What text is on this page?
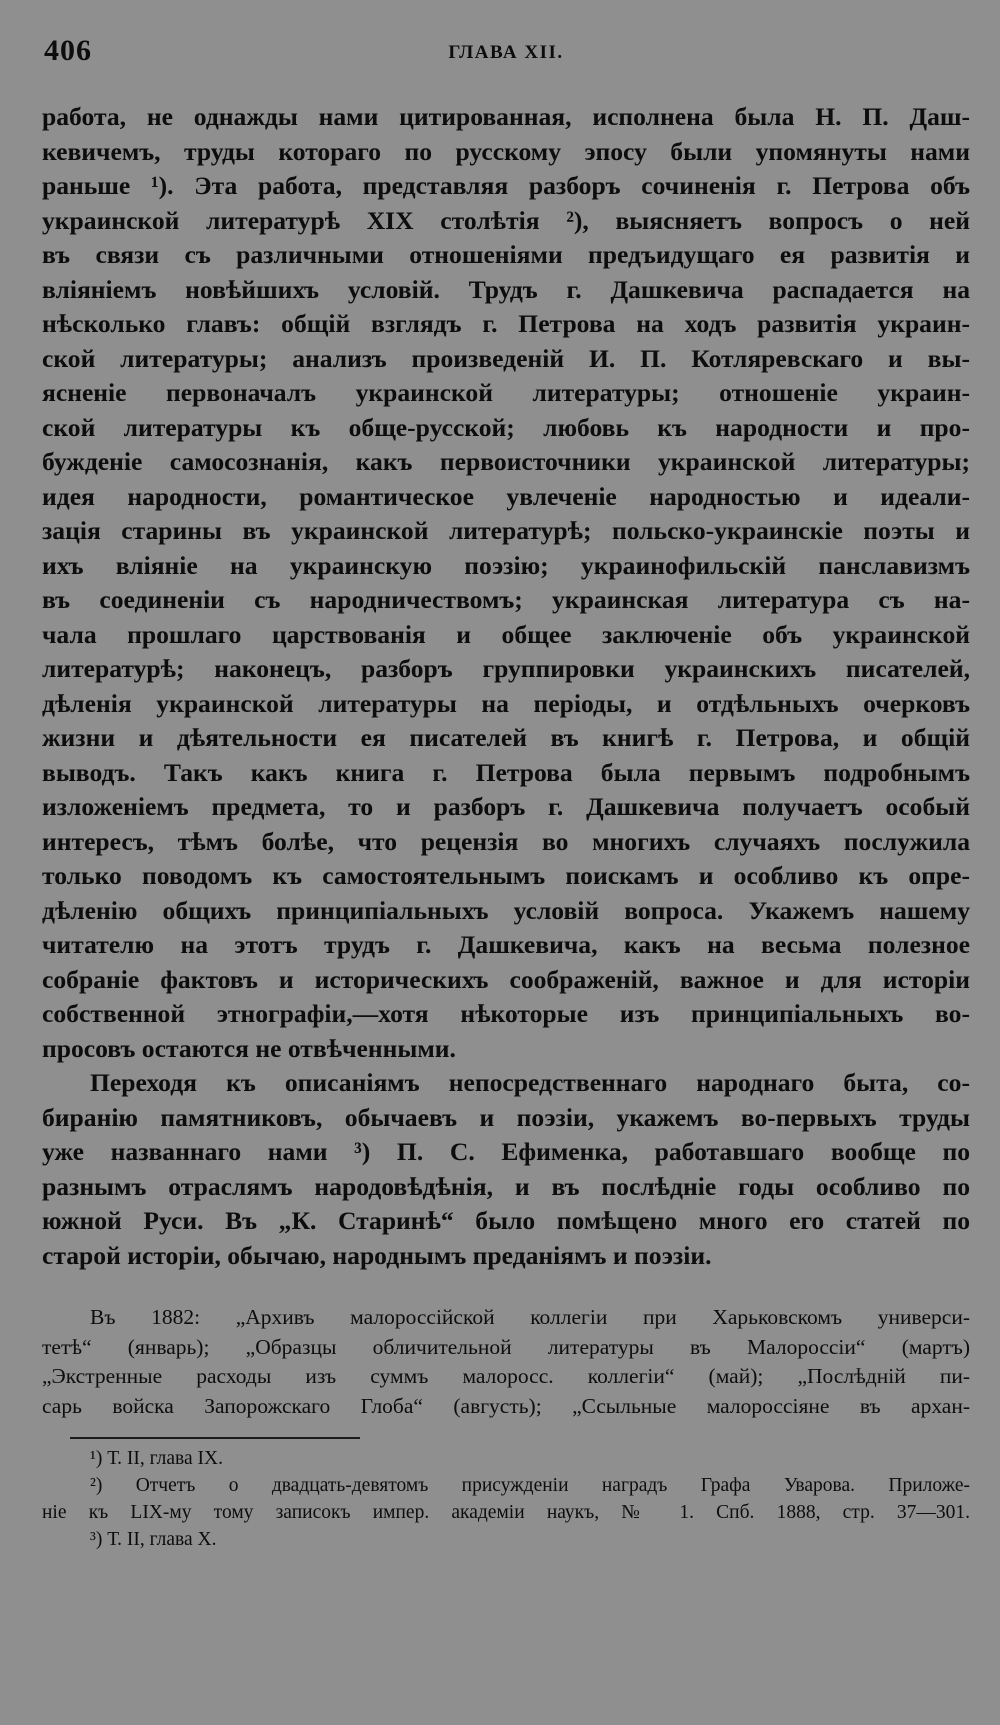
406	ГЛАВА XII.
работа, не однажды нами цитированная, исполнена была Н. П. Даш-
кевичемъ, труды котораго по русскому эпосу были упомянуты нами
раньше ¹). Эта работа, представляя разборъ сочиненія г. Петрова объ
украинской литературѣ XIX столѣтія ²), выясняетъ вопросъ о ней
въ связи съ различными отношеніями предъидущаго ея развитія и
вліяніемъ новѣйшихъ условій. Трудъ г. Дашкевича распадается на
нѣсколько главъ: общій взглядъ г. Петрова на ходъ развитія украин-
ской литературы; анализъ произведеній И. П. Котляревскаго и вы-
ясненіе первоначалъ украинской литературы; отношеніе украин-
ской литературы къ обще-русской; любовь къ народности и про-
бужденіе самосознанія, какъ первоисточники украинской литературы;
идея народности, романтическое увлеченіе народностью и идеали-
зація старины въ украинской литературѣ; польско-украинскіе поэты и
ихъ вліяніе на украинскую поэзію; украинофильскій панславизмъ
въ соединеніи съ народничествомъ; украинская литература съ на-
чала прошлаго царствованія и общее заключеніе объ украинской
литературѣ; наконецъ, разборъ группировки украинскихъ писателей,
дѣленія украинской литературы на періоды, и отдѣльныхъ очерковъ
жизни и дѣятельности ея писателей въ книгѣ г. Петрова, и общій
выводъ. Такъ какъ книга г. Петрова была первымъ подробнымъ
изложеніемъ предмета, то и разборъ г. Дашкевича получаетъ особый
интересъ, тѣмъ болѣе, что рецензія во многихъ случаяхъ послужила
только поводомъ къ самостоятельнымъ поискамъ и особливо къ опре-
дѣленію общихъ принципіальныхъ условій вопроса. Укажемъ нашему
читателю на этотъ трудъ г. Дашкевича, какъ на весьма полезное
собраніе фактовъ и историческихъ соображеній, важное и для исторіи
собственной этнографіи,—хотя нѣкоторые изъ принципіальныхъ во-
просовъ остаются не отвѣченными.
Переходя къ описаніямъ непосредственнаго народнаго быта, со-
биранію памятниковъ, обычаевъ и поэзіи, укажемъ во-первыхъ труды
уже названнаго нами ³) П. С. Ефименка, работавшаго вообще по
разнымъ отраслямъ народовѣдѣнія, и въ послѣдніе годы особливо по
южной Руси. Въ „К. Старинѣ“ было помѣщено много его статей по
старой исторіи, обычаю, народнымъ преданіямъ и поэзіи.
Въ 1882: „Архивъ малороссійской коллегіи при Харьковскомъ универси-
тетѣ“ (январь); „Образцы обличительной литературы въ Малороссіи“ (мартъ)
„Экстренные расходы изъ суммъ малоросс. коллегіи“ (май); „Послѣдній пи-
сарь войска Запорожскаго Глоба“ (августь); „Ссыльные малороссіяне въ архан-
¹) Т. II, глава IX.
²) Отчетъ о двадцать-девятомъ присужденіи наградъ Графа Уварова. Приложе-
ніе къ LIX-му тому записокъ импер. академіи наукъ, № 1. Спб. 1888, стр. 37—301.
³) Т. II, глава X.
